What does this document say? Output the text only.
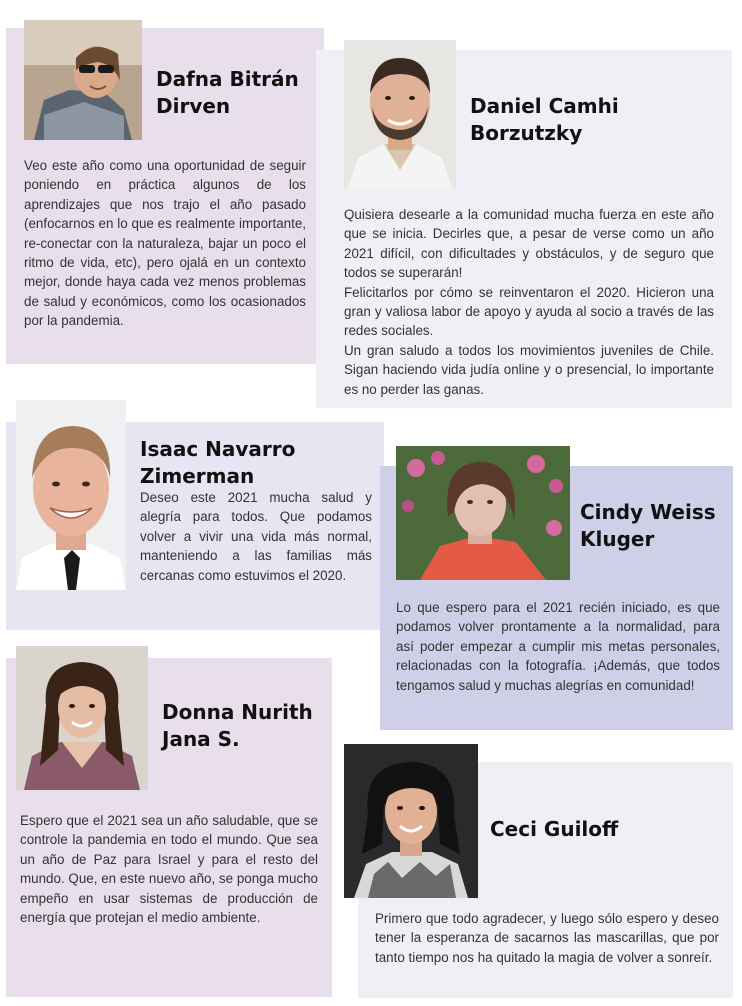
Dafna Bitrán
Dirven

Veo este año como una oportunidad de seguir poniendo en práctica algunos de los aprendizajes que nos trajo el año pasado (enfocarnos en lo que es realmente importante, re-conectar con la naturaleza, bajar un poco el ritmo de vida, etc), pero ojalá en un contexto mejor, donde haya cada vez menos problemas de salud y económicos, como los ocasionados por la pandemia.

Daniel Camhi
Borzutzky
Quisiera desearle a la comunidad mucha fuerza en este año que se inicia. Decirles que, a pesar de verse como un año 2021 difícil, con dificultades y obstáculos, y de seguro que todos se superarán!
Felicitarlos por cómo se reinventaron el 2020. Hicieron una gran y valiosa labor de apoyo y ayuda al socio a través de las redes sociales.
Un gran saludo a todos los movimientos juveniles de Chile. Sigan haciendo vida judía online y o presencial, lo importante es no perder las ganas.
Isaac Navarro
Zimerman

Deseo este 2021 mucha salud y alegría para todos. Que podamos volver a vivir una vida más normal, manteniendo a las familias más cercanas como estuvimos el 2020.

Cindy Weiss
Kluger

Lo que espero para el 2021 recién iniciado, es que podamos volver prontamente a la normalidad, para así poder empezar a cumplir mis metas personales, relacionadas con la fotografía. ¡Además, que todos tengamos salud y muchas alegrías en comunidad!

Donna Nurith
Jana S.

Espero que el 2021 sea un año saludable, que se controle la pandemia en todo el mundo. Que sea un año de Paz para Israel y para el resto del mundo. Que, en este nuevo año, se ponga mucho empeño en usar sistemas de producción de energía que protejan el medio ambiente.

Ceci Guiloff

Primero que todo agradecer, y luego sólo espero y deseo tener la esperanza de sacarnos las mascarillas, que por tanto tiempo nos ha quitado la magia de volver a sonreír.
